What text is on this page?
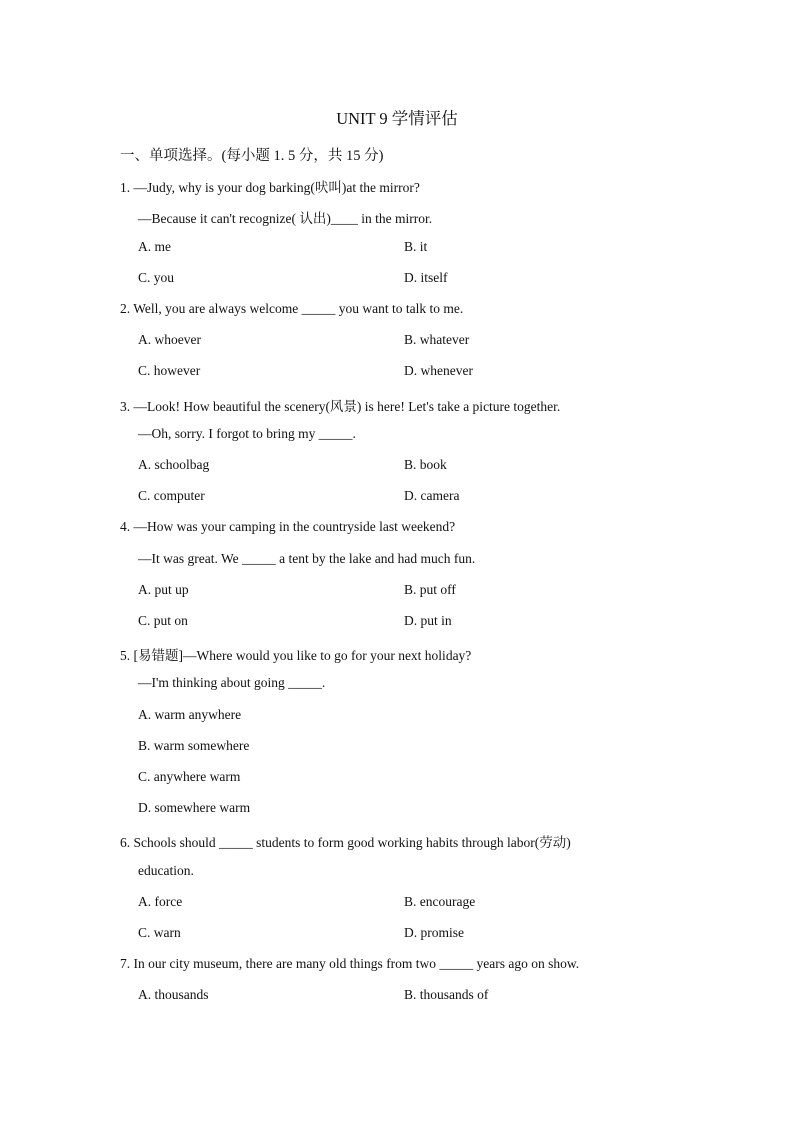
UNIT 9 学情评估
一、单项选择。(每小题 1. 5 分，共 15 分)
1. —Judy, why is your dog barking(吠叫)at the mirror?
—Because it can't recognize( 认出)____ in the mirror.
A. me	B. it
C. you	D. itself
2. Well, you are always welcome _____ you want to talk to me.
A. whoever	B. whatever
C. however	D. whenever
3. —Look! How beautiful the scenery(风景) is here! Let's take a picture together.
—Oh, sorry. I forgot to bring my _____.
A. schoolbag	B. book
C. computer	D. camera
4. —How was your camping in the countryside last weekend?
—It was great. We _____ a tent by the lake and had much fun.
A. put up	B. put off
C. put on	D. put in
5. [易错题]—Where would you like to go for your next holiday?
—I'm thinking about going _____.
A. warm anywhere
B. warm somewhere
C. anywhere warm
D. somewhere warm
6. Schools should _____ students to form good working habits through labor(劳动)
education.
A. force	B. encourage
C. warn	D. promise
7. In our city museum, there are many old things from two _____ years ago on show.
A. thousands	B. thousands of
